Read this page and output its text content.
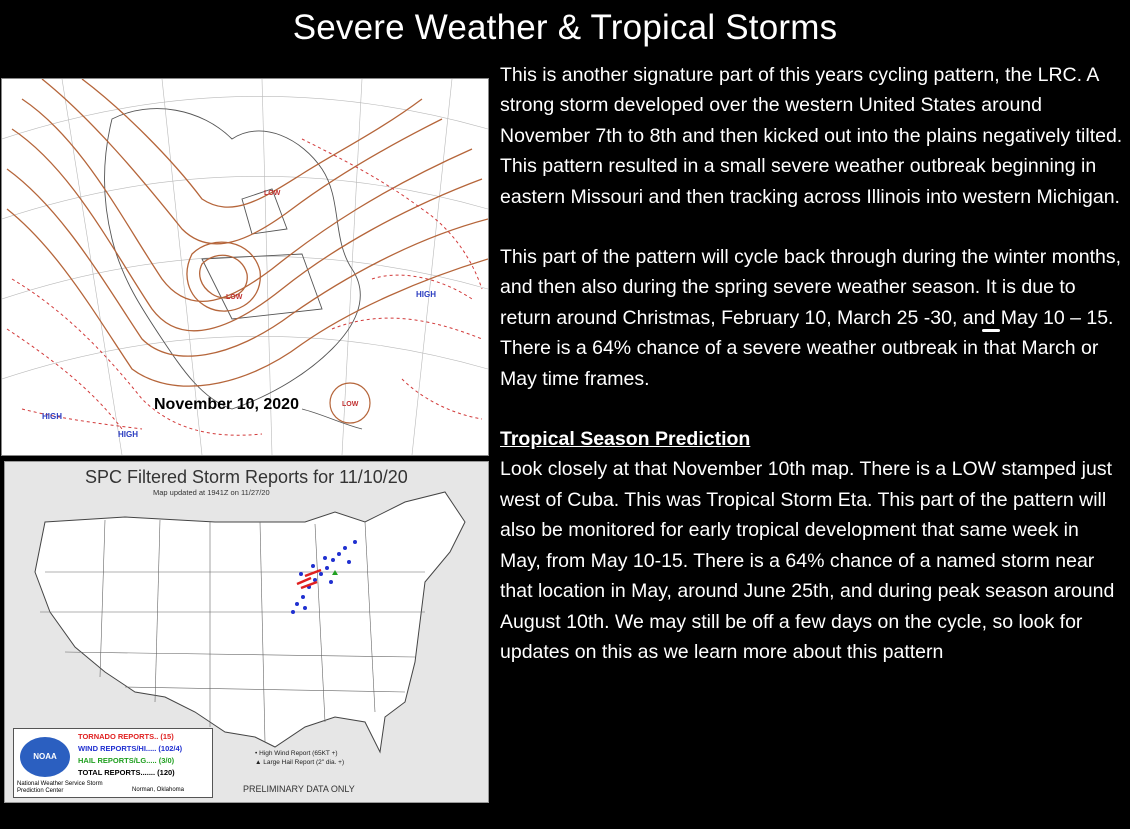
Severe Weather & Tropical Storms
HIGH
HIGH
HIGH
LOW
LOW
LOW
November 10, 2020
SPC Filtered Storm Reports for 11/10/20
Map updated at 1941Z on 11/27/20
• High Wind Report (65KT +)
▲ Large Hail Report (2" dia. +)
PRELIMINARY DATA ONLY
NOAA
TORNADO REPORTS.. (15)
WIND REPORTS/HI..... (102/4)
HAIL REPORTS/LG..... (3/0)
TOTAL REPORTS....... (120)
National Weather Service Storm Prediction Center	Norman, Oklahoma

This is another signature part of this years cycling pattern, the LRC. A strong storm developed over the western United States around November 7th to 8th and then kicked out into the plains negatively tilted. This pattern resulted in a small severe weather outbreak beginning in eastern Missouri and then tracking across Illinois into western Michigan.

This part of the pattern will cycle back through during the winter months, and then also during the spring severe weather season. It is due to return around Christmas, February 10, March 25 -30, and May 10 – 15. There is a 64% chance of a severe weather outbreak in that March or May time frames.

Tropical Season Prediction

Look closely at that November 10th map. There is a LOW stamped just west of Cuba. This was Tropical Storm Eta. This part of the pattern will also be monitored for early tropical development that same week in May, from May 10-15. There is a 64% chance of a named storm near that location in May, around June 25th, and during peak season around August 10th. We may still be off a few days on the cycle, so look for updates on this as we learn more about this pattern
